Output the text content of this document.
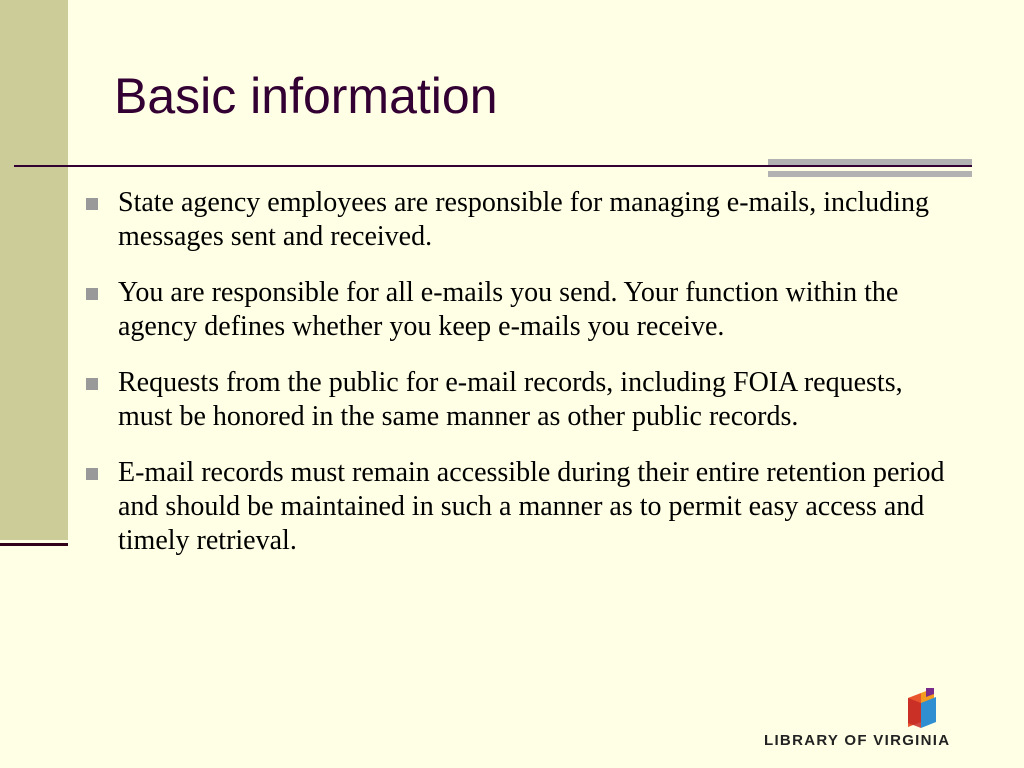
Basic information
State agency employees are responsible for managing e-mails, including messages sent and received.
You are responsible for all e-mails you send. Your function within the agency defines whether you keep e-mails you receive.
Requests from the public for e-mail records, including FOIA requests, must be honored in the same manner as other public records.
E-mail records must remain accessible during their entire retention period and should be maintained in such a manner as to permit easy access and timely retrieval.
LIBRARY OF VIRGINIA
